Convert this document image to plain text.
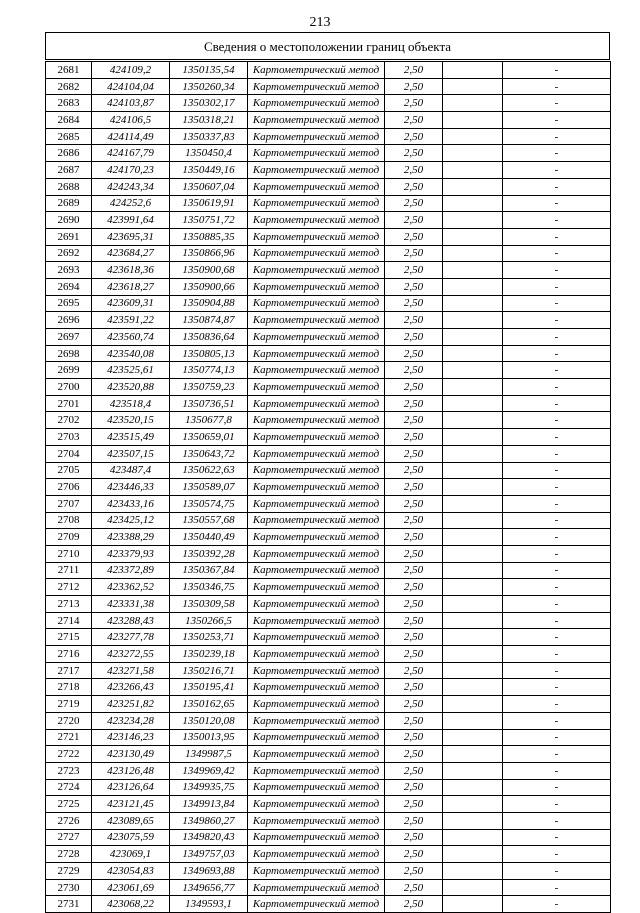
213
Сведения о местоположении границ объекта
2681	424109,2	1350135,54	Картометрический метод	2,50		-
2682	424104,04	1350260,34	Картометрический метод	2,50		-
2683	424103,87	1350302,17	Картометрический метод	2,50		-
2684	424106,5	1350318,21	Картометрический метод	2,50		-
2685	424114,49	1350337,83	Картометрический метод	2,50		-
2686	424167,79	1350450,4	Картометрический метод	2,50		-
2687	424170,23	1350449,16	Картометрический метод	2,50		-
2688	424243,34	1350607,04	Картометрический метод	2,50		-
2689	424252,6	1350619,91	Картометрический метод	2,50		-
2690	423991,64	1350751,72	Картометрический метод	2,50		-
2691	423695,31	1350885,35	Картометрический метод	2,50		-
2692	423684,27	1350866,96	Картометрический метод	2,50		-
2693	423618,36	1350900,68	Картометрический метод	2,50		-
2694	423618,27	1350900,66	Картометрический метод	2,50		-
2695	423609,31	1350904,88	Картометрический метод	2,50		-
2696	423591,22	1350874,87	Картометрический метод	2,50		-
2697	423560,74	1350836,64	Картометрический метод	2,50		-
2698	423540,08	1350805,13	Картометрический метод	2,50		-
2699	423525,61	1350774,13	Картометрический метод	2,50		-
2700	423520,88	1350759,23	Картометрический метод	2,50		-
2701	423518,4	1350736,51	Картометрический метод	2,50		-
2702	423520,15	1350677,8	Картометрический метод	2,50		-
2703	423515,49	1350659,01	Картометрический метод	2,50		-
2704	423507,15	1350643,72	Картометрический метод	2,50		-
2705	423487,4	1350622,63	Картометрический метод	2,50		-
2706	423446,33	1350589,07	Картометрический метод	2,50		-
2707	423433,16	1350574,75	Картометрический метод	2,50		-
2708	423425,12	1350557,68	Картометрический метод	2,50		-
2709	423388,29	1350440,49	Картометрический метод	2,50		-
2710	423379,93	1350392,28	Картометрический метод	2,50		-
2711	423372,89	1350367,84	Картометрический метод	2,50		-
2712	423362,52	1350346,75	Картометрический метод	2,50		-
2713	423331,38	1350309,58	Картометрический метод	2,50		-
2714	423288,43	1350266,5	Картометрический метод	2,50		-
2715	423277,78	1350253,71	Картометрический метод	2,50		-
2716	423272,55	1350239,18	Картометрический метод	2,50		-
2717	423271,58	1350216,71	Картометрический метод	2,50		-
2718	423266,43	1350195,41	Картометрический метод	2,50		-
2719	423251,82	1350162,65	Картометрический метод	2,50		-
2720	423234,28	1350120,08	Картометрический метод	2,50		-
2721	423146,23	1350013,95	Картометрический метод	2,50		-
2722	423130,49	1349987,5	Картометрический метод	2,50		-
2723	423126,48	1349969,42	Картометрический метод	2,50		-
2724	423126,64	1349935,75	Картометрический метод	2,50		-
2725	423121,45	1349913,84	Картометрический метод	2,50		-
2726	423089,65	1349860,27	Картометрический метод	2,50		-
2727	423075,59	1349820,43	Картометрический метод	2,50		-
2728	423069,1	1349757,03	Картометрический метод	2,50		-
2729	423054,83	1349693,88	Картометрический метод	2,50		-
2730	423061,69	1349656,77	Картометрический метод	2,50		-
2731	423068,22	1349593,1	Картометрический метод	2,50		-
